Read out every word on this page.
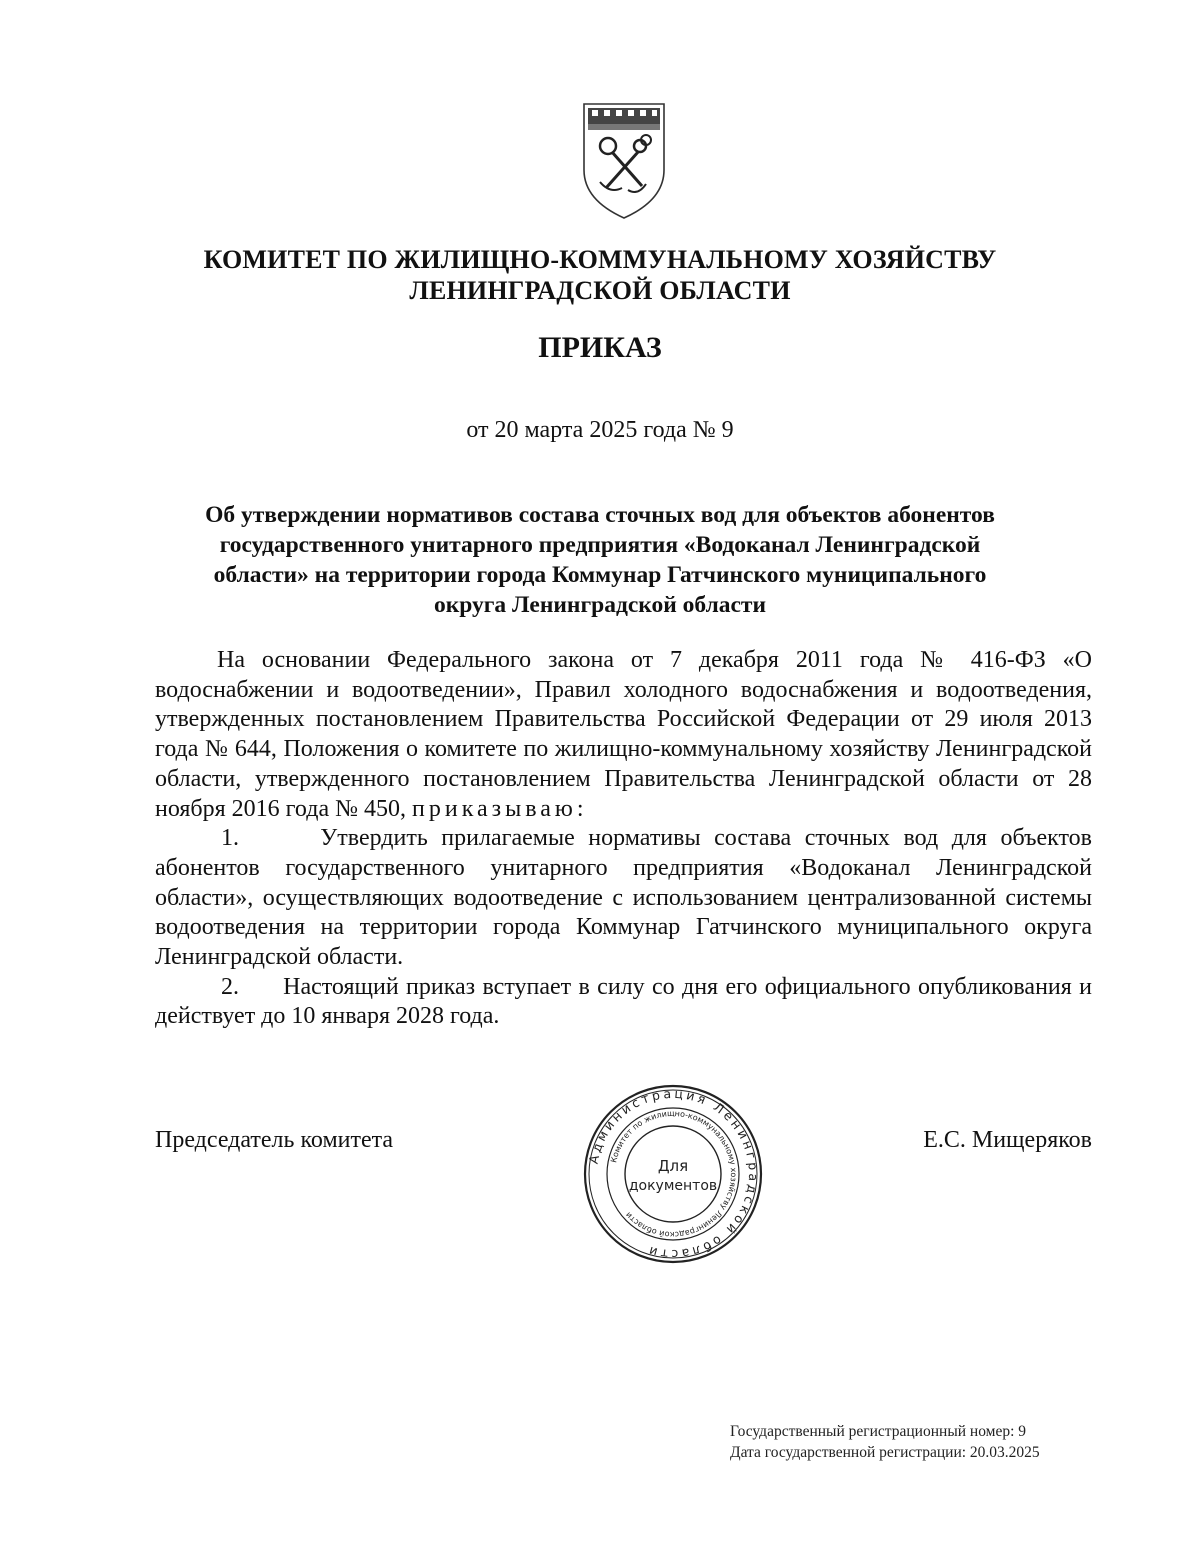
КОМИТЕТ ПО ЖИЛИЩНО-КОММУНАЛЬНОМУ ХОЗЯЙСТВУ
ЛЕНИНГРАДСКОЙ ОБЛАСТИ
ПРИКАЗ
от 20 марта 2025 года № 9
Об утверждении нормативов состава сточных вод для объектов абонентов
государственного унитарного предприятия «Водоканал Ленинградской
области» на территории города Коммунар Гатчинского муниципального
округа Ленинградской области

На основании Федерального закона от 7 декабря 2011 года № 416-ФЗ «О водоснабжении и водоотведении», Правил холодного водоснабжения и водоотведения, утвержденных постановлением Правительства Российской Федерации от 29 июля 2013 года № 644, Положения о комитете по жилищно-коммунальному хозяйству Ленинградской области, утвержденного постановлением Правительства Ленинградской области от 28 ноября 2016 года № 450, приказываю:

1.	Утвердить прилагаемые нормативы состава сточных вод для объектов абонентов государственного унитарного предприятия «Водоканал Ленинградской области», осуществляющих водоотведение с использованием централизованной системы водоотведения на территории города Коммунар Гатчинского муниципального округа Ленинградской области.

2. Настоящий приказ вступает в силу со дня его официального опубликования и действует до 10 января 2028 года.

Председатель комитета	Е.С. Мищеряков
Администрация Ленинградской области
Комитет по жилищно-коммунальному хозяйству Ленинградской области
Для
документов
Государственный регистрационный номер: 9
Дата государственной регистрации: 20.03.2025
